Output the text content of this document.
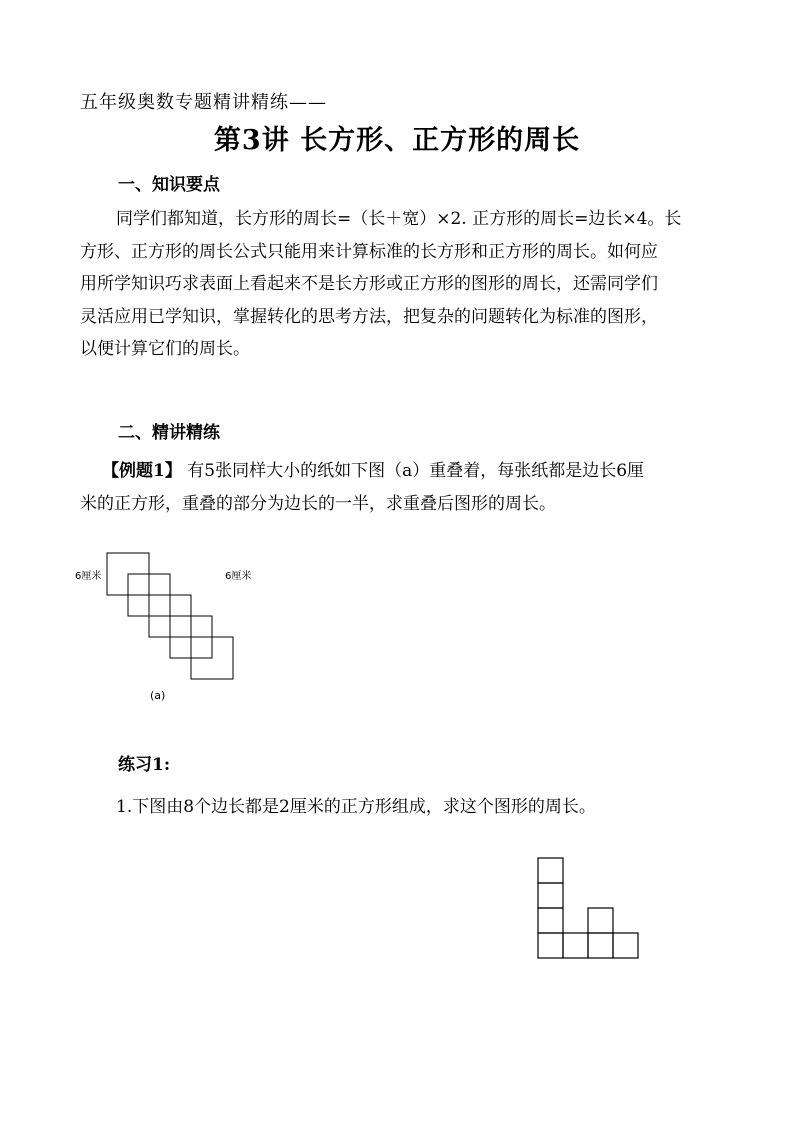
五年级奥数专题精讲精练——

第3讲 长方形、正方形的周长
一、知识要点
同学们都知道，长方形的周长=（长＋宽）×2. 正方形的周长=边长×4。长
方形、正方形的周长公式只能用来计算标准的长方形和正方形的周长。如何应
用所学知识巧求表面上看起来不是长方形或正方形的图形的周长，还需同学们
灵活应用已学知识，掌握转化的思考方法，把复杂的问题转化为标准的图形，
以便计算它们的周长。
二、精讲精练
【例题1】 有5张同样大小的纸如下图（a）重叠着，每张纸都是边长6厘
米的正方形，重叠的部分为边长的一半，求重叠后图形的周长。
6厘米	6厘米
(a)
练习1:

1.下图由8个边长都是2厘米的正方形组成，求这个图形的周长。
